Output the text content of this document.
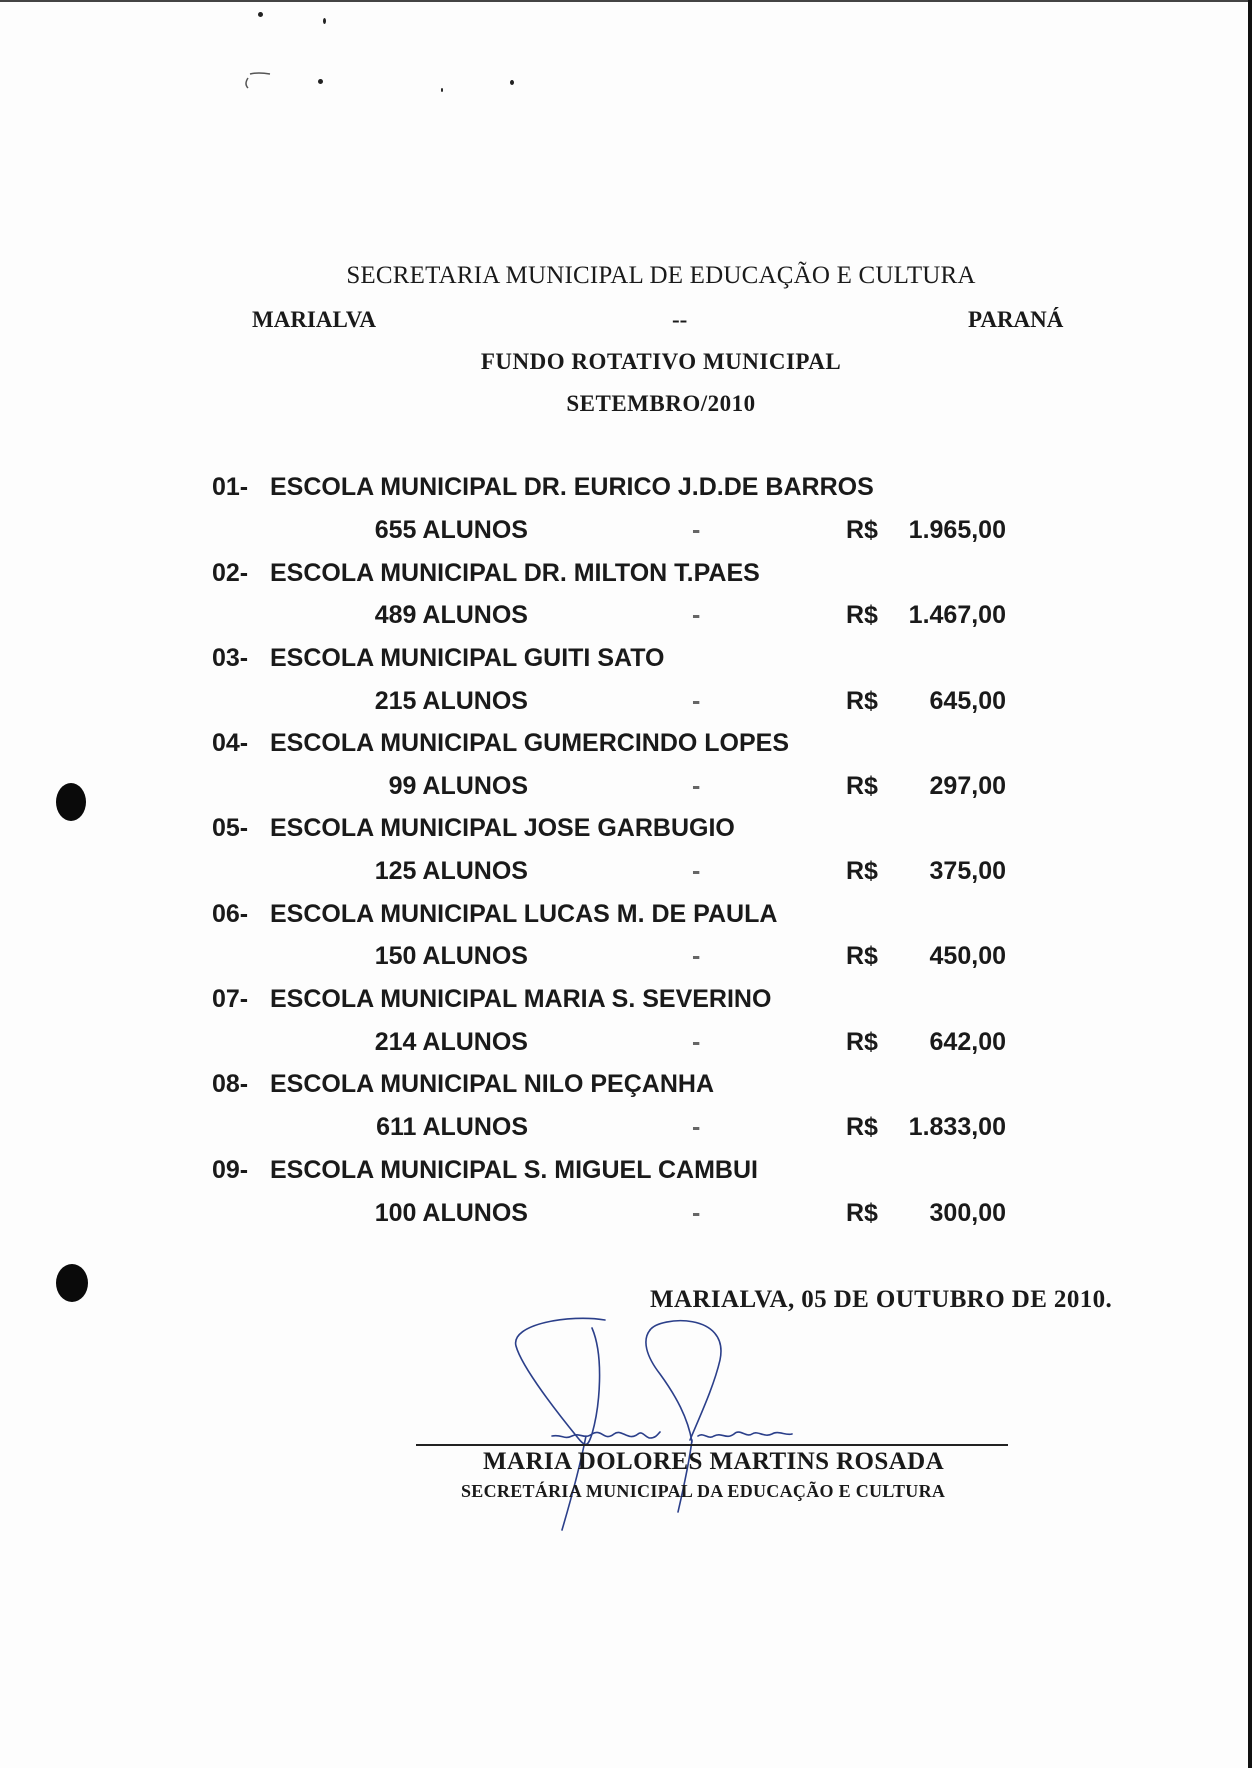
SECRETARIA MUNICIPAL DE EDUCAÇÃO E CULTURA
MARIALVA	--	PARANÁ
FUNDO ROTATIVO MUNICIPAL
SETEMBRO/2010
01- ESCOLA MUNICIPAL DR. EURICO J.D.DE BARROS
655 ALUNOS	-	R$	1.965,00
02- ESCOLA MUNICIPAL DR. MILTON T.PAES
489 ALUNOS	-	R$	1.467,00
03- ESCOLA MUNICIPAL GUITI SATO
215 ALUNOS	-	R$	645,00
04- ESCOLA MUNICIPAL GUMERCINDO LOPES
99 ALUNOS	-	R$	297,00
05- ESCOLA MUNICIPAL JOSE GARBUGIO
125 ALUNOS	-	R$	375,00
06- ESCOLA MUNICIPAL LUCAS M. DE PAULA
150 ALUNOS	-	R$	450,00
07- ESCOLA MUNICIPAL MARIA S. SEVERINO
214 ALUNOS	-	R$	642,00
08- ESCOLA MUNICIPAL NILO PEÇANHA
611 ALUNOS	-	R$	1.833,00
09- ESCOLA MUNICIPAL S. MIGUEL CAMBUI
100 ALUNOS	-	R$	300,00
MARIALVA, 05 DE OUTUBRO DE 2010.
MARIA DOLORES MARTINS ROSADA
SECRETÁRIA MUNICIPAL DA EDUCAÇÃO E CULTURA
